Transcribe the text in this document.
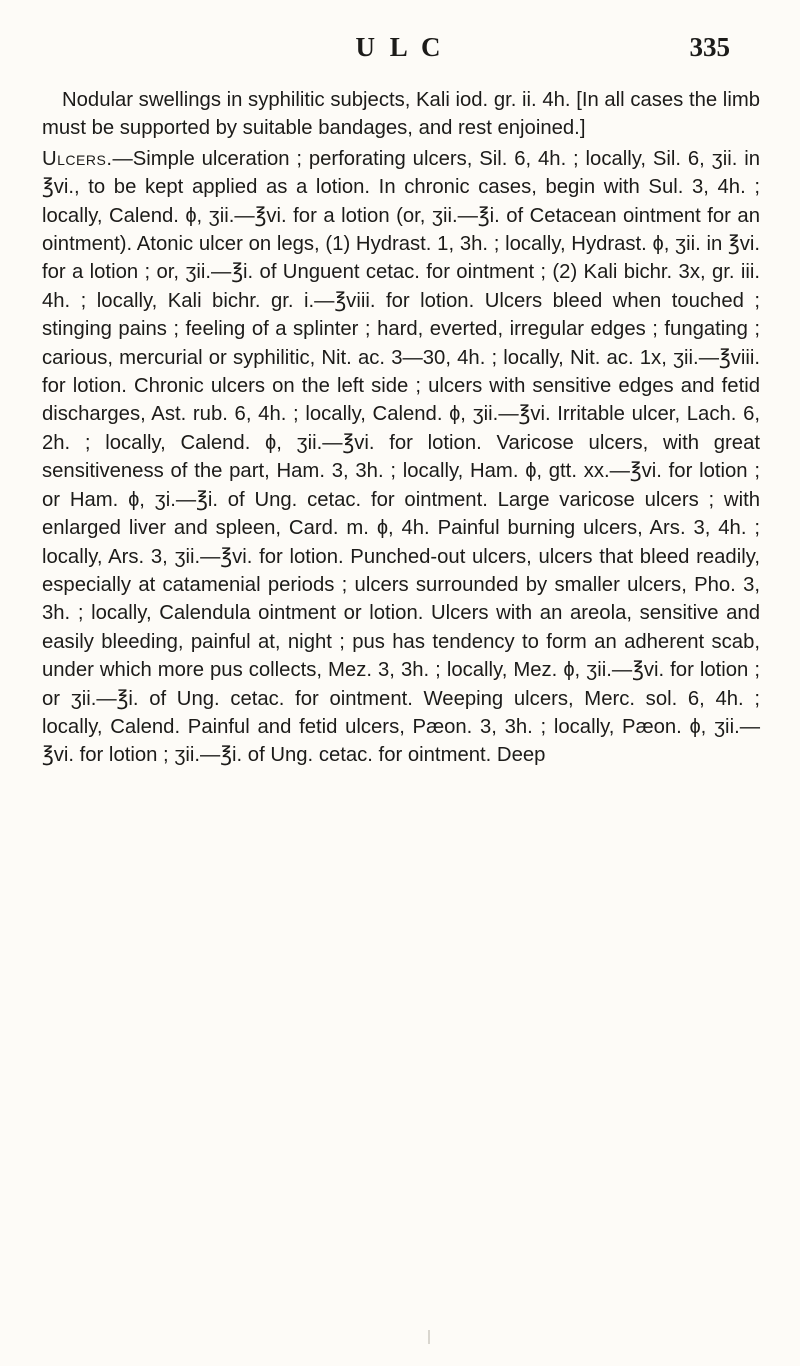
U L C	335

Nodular swellings in syphilitic subjects, Kali iod. gr. ii. 4h. [In all cases the limb must be supported by suitable bandages, and rest enjoined.]

Ulcers.—Simple ulceration ; perforating ulcers, Sil. 6, 4h. ; locally, Sil. 6, ʒii. in ℥vi., to be kept applied as a lotion. In chronic cases, begin with Sul. 3, 4h. ; locally, Calend. ɸ, ʒii.—℥vi. for a lotion (or, ʒii.—℥i. of Cetacean ointment for an ointment). Atonic ulcer on legs, (1) Hydrast. 1, 3h. ; locally, Hydrast. ɸ, ʒii. in ℥vi. for a lotion ; or, ʒii.—℥i. of Unguent cetac. for ointment ; (2) Kali bichr. 3x, gr. iii. 4h. ; locally, Kali bichr. gr. i.—℥viii. for lotion. Ulcers bleed when touched ; stinging pains ; feeling of a splinter ; hard, everted, irregular edges ; fungating ; carious, mercurial or syphilitic, Nit. ac. 3—30, 4h. ; locally, Nit. ac. 1x, ʒii.—℥viii. for lotion. Chronic ulcers on the left side ; ulcers with sensitive edges and fetid discharges, Ast. rub. 6, 4h. ; locally, Calend. ɸ, ʒii.—℥vi. Irritable ulcer, Lach. 6, 2h. ; locally, Calend. ɸ, ʒii.—℥vi. for lotion. Varicose ulcers, with great sensitiveness of the part, Ham. 3, 3h. ; locally, Ham. ɸ, gtt. xx.—℥vi. for lotion ; or Ham. ɸ, ʒi.—℥i. of Ung. cetac. for ointment. Large varicose ulcers ; with enlarged liver and spleen, Card. m. ɸ, 4h. Painful burning ulcers, Ars. 3, 4h. ; locally, Ars. 3, ʒii.—℥vi. for lotion. Punched-out ulcers, ulcers that bleed readily, especially at catamenial periods ; ulcers surrounded by smaller ulcers, Pho. 3, 3h. ; locally, Calendula ointment or lotion. Ulcers with an areola, sensitive and easily bleeding, painful at, night ; pus has tendency to form an adherent scab, under which more pus collects, Mez. 3, 3h. ; locally, Mez. ɸ, ʒii.—℥vi. for lotion ; or ʒii.—℥i. of Ung. cetac. for ointment. Weeping ulcers, Merc. sol. 6, 4h. ; locally, Calend. Painful and fetid ulcers, Pæon. 3, 3h. ; locally, Pæon. ɸ, ʒii.—℥vi. for lotion ; ʒii.—℥i. of Ung. cetac. for ointment. Deep
